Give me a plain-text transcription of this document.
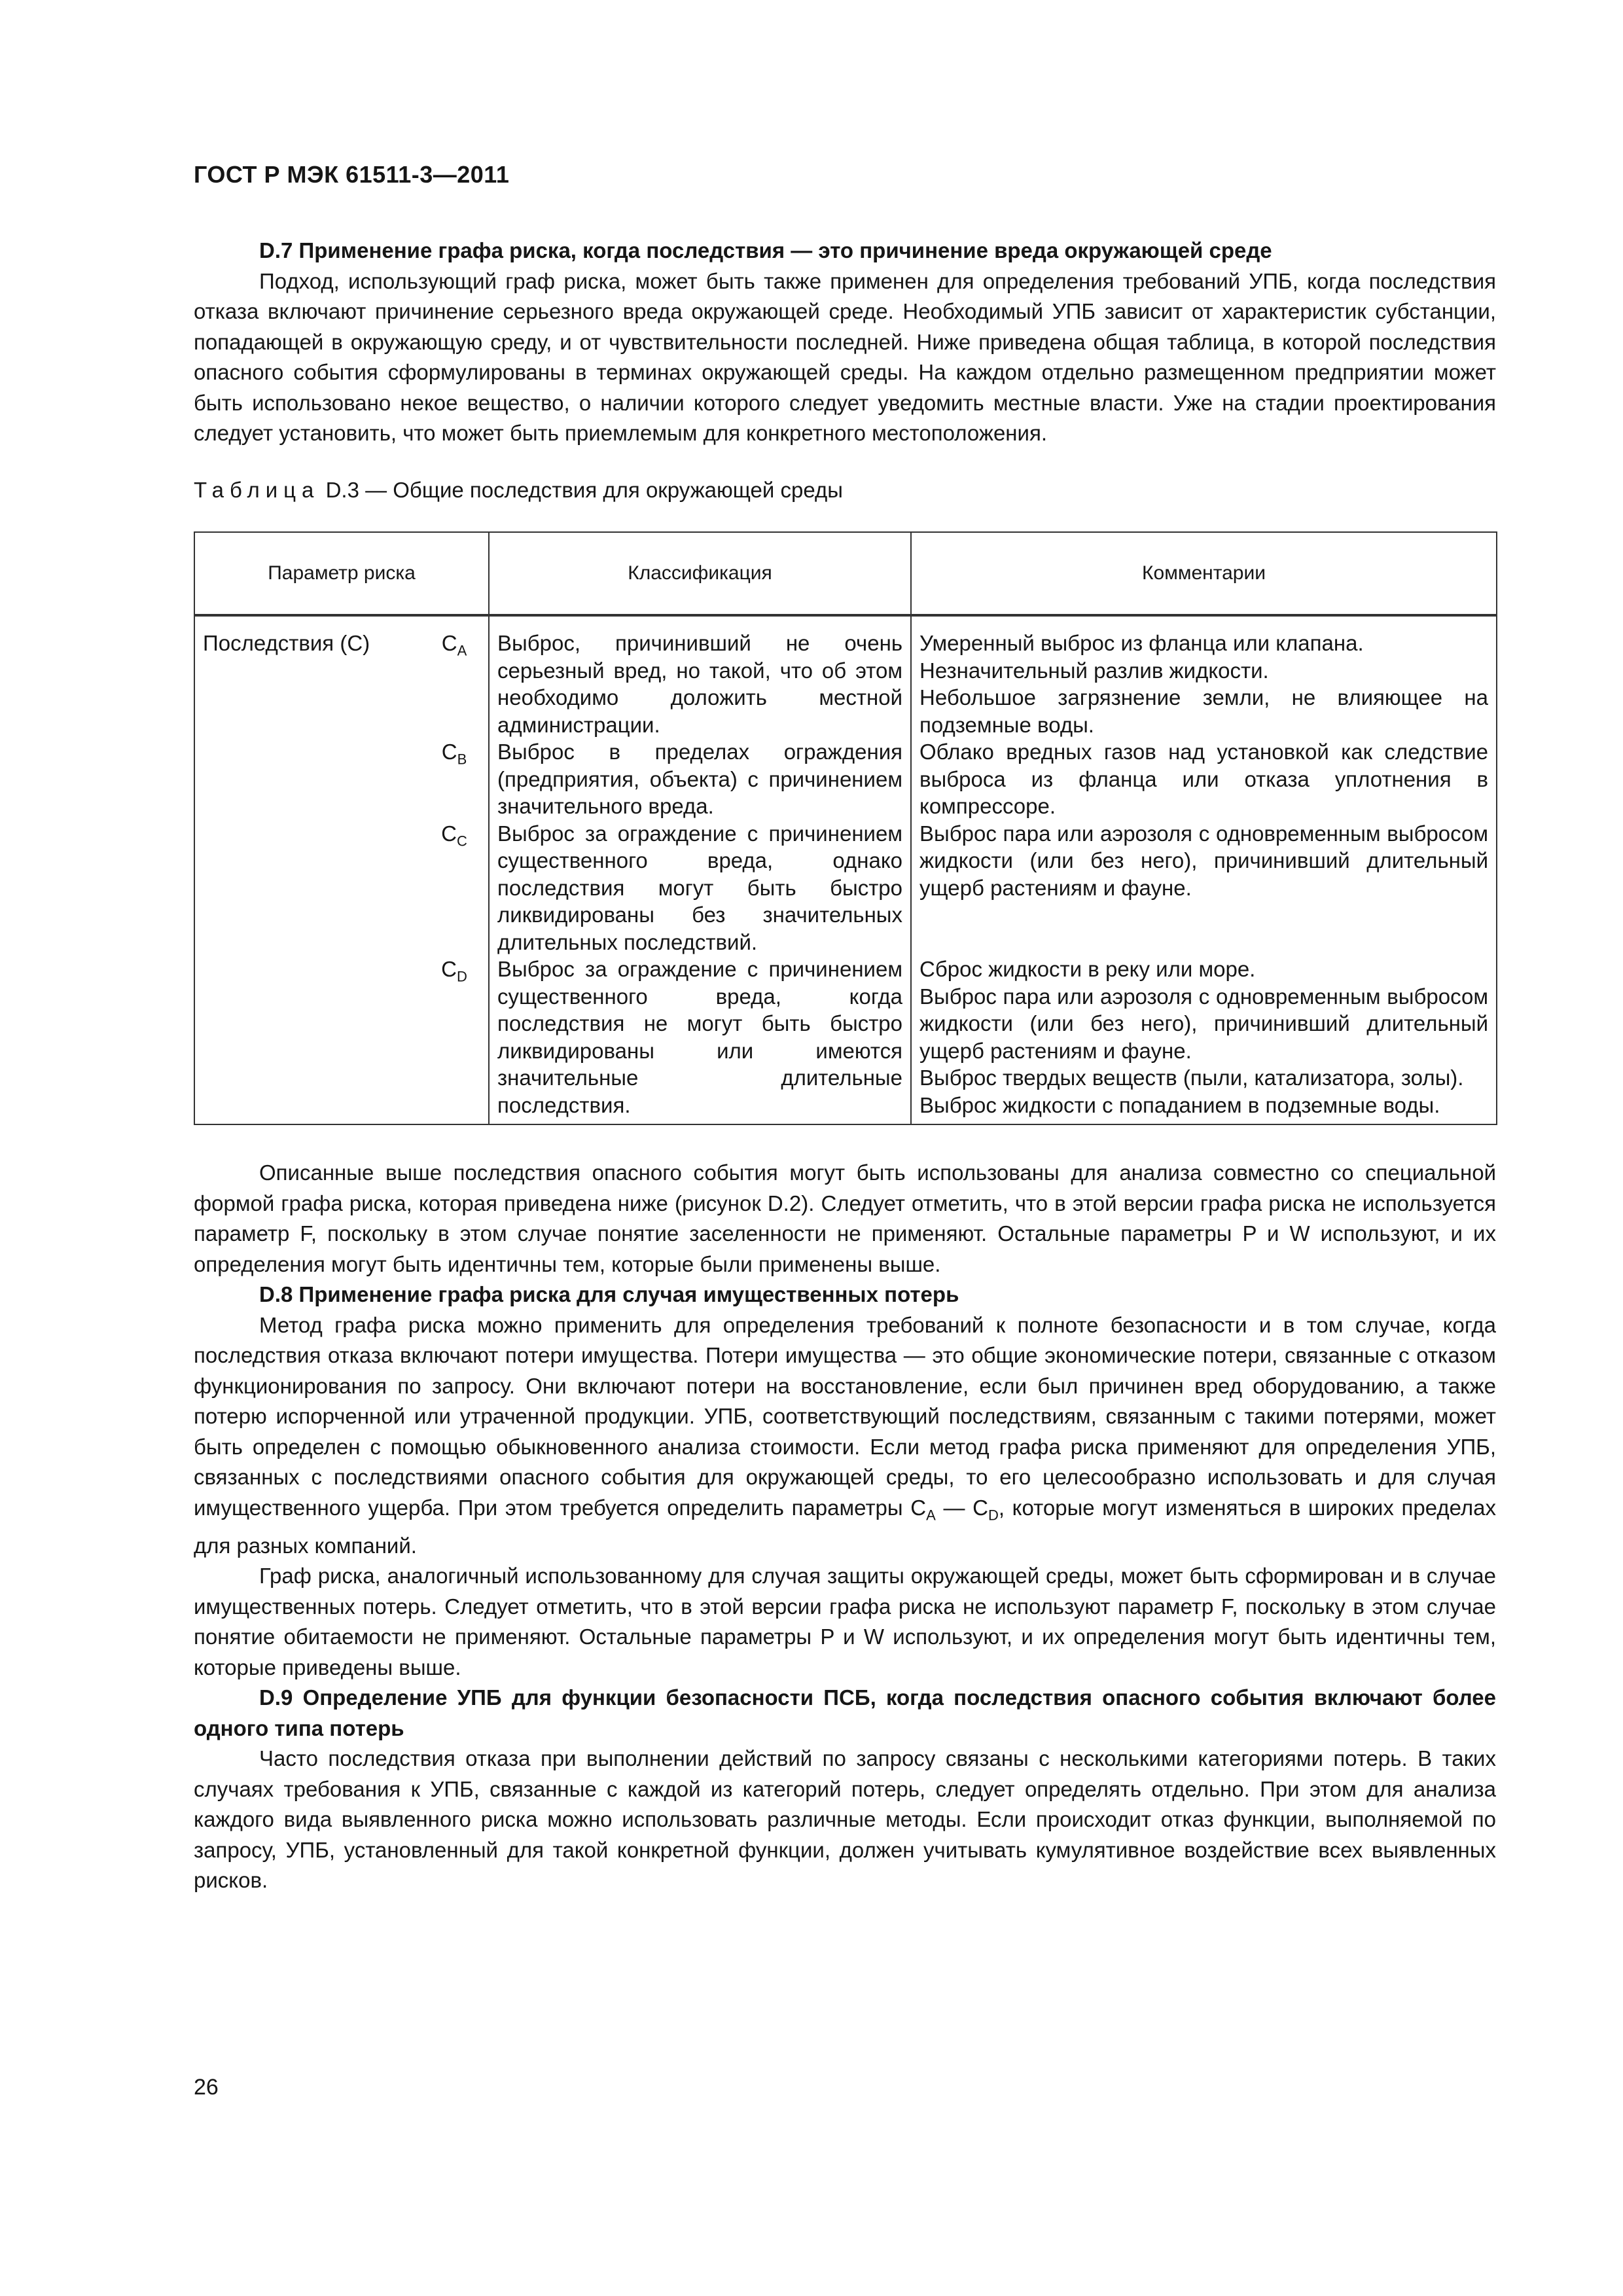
ГОСТ Р МЭК 61511-3—2011
D.7 Применение графа риска, когда последствия — это причинение вреда окружающей среде

Подход, использующий граф риска, может быть также применен для определения требований УПБ, когда последствия отказа включают причинение серьезного вреда окружающей среде. Необходимый УПБ зависит от характеристик субстанции, попадающей в окружающую среду, и от чувствительности последней. Ниже приведена общая таблица, в которой последствия опасного события сформулированы в терминах окружающей среды. На каждом отдельно размещенном предприятии может быть использовано некое вещество, о наличии которого следует уведомить местные власти. Уже на стадии проектирования следует установить, что может быть приемлемым для конкретного местоположения.

Таблица D.3 — Общие последствия для окружающей среды

Параметр риска		Классификация	Комментарии
Последствия (C)	$C_A$	Выброс, причинивший не очень серьезный вред, но такой, что об этом необходимо доложить местной администрации.	Умеренный выброс из фланца или клапана.
Незначительный разлив жидкости.
Небольшое загрязнение земли, не влияющее на подземные воды.

	$C_B$	Выброс в пределах ограждения (предприятия, объекта) с причинением значительного вреда.	Облако вредных газов над установкой как следствие выброса из фланца или отказа уплотнения в компрессоре.

	$C_C$	Выброс за ограждение с причинением существенного вреда, однако последствия могут быть быстро ликвидированы без значительных длительных последствий.	Выброс пара или аэрозоля с одновременным выбросом жидкости (или без него), причинивший длительный ущерб растениям и фауне.

	$C_D$	Выброс за ограждение с причинением существенного вреда, когда последствия не могут быть быстро ликвидированы или имеются значительные длительные последствия.	Сброс жидкости в реку или море.
Выброс пара или аэрозоля с одновременным выбросом жидкости (или без него), причинивший длительный ущерб растениям и фауне.
Выброс твердых веществ (пыли, катализатора, золы).
Выброс жидкости с попаданием в подземные воды.

Описанные выше последствия опасного события могут быть использованы для анализа совместно со специальной формой графа риска, которая приведена ниже (рисунок D.2). Следует отметить, что в этой версии графа риска не используется параметр F, поскольку в этом случае понятие заселенности не применяют. Остальные параметры P и W используют, и их определения могут быть идентичны тем, которые были применены выше.

D.8 Применение графа риска для случая имущественных потерь

Метод графа риска можно применить для определения требований к полноте безопасности и в том случае, когда последствия отказа включают потери имущества. Потери имущества — это общие экономические потери, связанные с отказом функционирования по запросу. Они включают потери на восстановление, если был причинен вред оборудованию, а также потерю испорченной или утраченной продукции. УПБ, соответствующий последствиям, связанным с такими потерями, может быть определен с помощью обыкновенного анализа стоимости. Если метод графа риска применяют для определения УПБ, связанных с последствиями опасного события для окружающей среды, то его целесообразно использовать и для случая имущественного ущерба. При этом требуется определить параметры $C_A$ — $C_D$, которые могут изменяться в широких пределах для разных компаний.

Граф риска, аналогичный использованному для случая защиты окружающей среды, может быть сформирован и в случае имущественных потерь. Следует отметить, что в этой версии графа риска не используют параметр F, поскольку в этом случае понятие обитаемости не применяют. Остальные параметры P и W используют, и их определения могут быть идентичны тем, которые приведены выше.

D.9 Определение УПБ для функции безопасности ПСБ, когда последствия опасного события включают более одного типа потерь

Часто последствия отказа при выполнении действий по запросу связаны с несколькими категориями потерь. В таких случаях требования к УПБ, связанные с каждой из категорий потерь, следует определять отдельно. При этом для анализа каждого вида выявленного риска можно использовать различные методы. Если происходит отказ функции, выполняемой по запросу, УПБ, установленный для такой конкретной функции, должен учитывать кумулятивное воздействие всех выявленных рисков.

26
